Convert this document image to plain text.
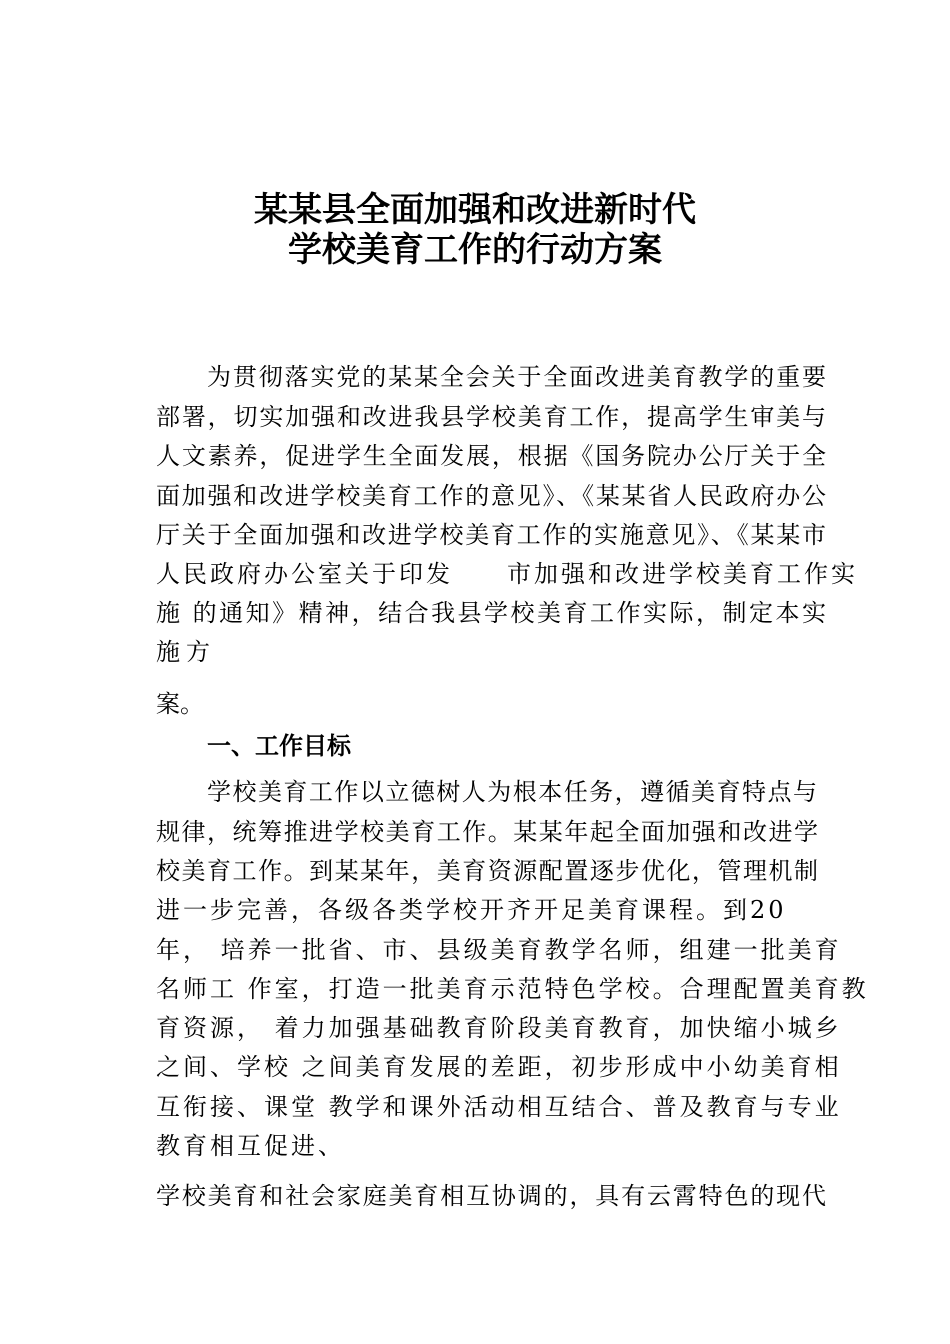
某某县全面加强和改进新时代
学校美育工作的行动方案
为贯彻落实党的某某全会关于全面改进美育教学的重要
部署，切实加强和改进我县学校美育工作，提高学生审美与
人文素养，促进学生全面发展，根据《国务院办公厅关于全
面加强和改进学校美育工作的意见》、《某某省人民政府办公
厅关于全面加强和改进学校美育工作的实施意见》、《某某市
人民政府办公室关于印发　　市加强和改进学校美育工作实
施 的通知》精神，结合我县学校美育工作实际，制定本实
施方
案。
一、工作目标
学校美育工作以立德树人为根本任务，遵循美育特点与
规律，统筹推进学校美育工作。某某年起全面加强和改进学
校美育工作。到某某年，美育资源配置逐步优化，管理机制
进一步完善，各级各类学校开齐开足美育课程。到20
年， 培养一批省、市、县级美育教学名师，组建一批美育
名师工 作室，打造一批美育示范特色学校。合理配置美育教
育资源， 着力加强基础教育阶段美育教育，加快缩小城乡
之间、学校 之间美育发展的差距，初步形成中小幼美育相
互衔接、课堂 教学和课外活动相互结合、普及教育与专业
教育相互促进、
学校美育和社会家庭美育相互协调的，具有云霄特色的现代
